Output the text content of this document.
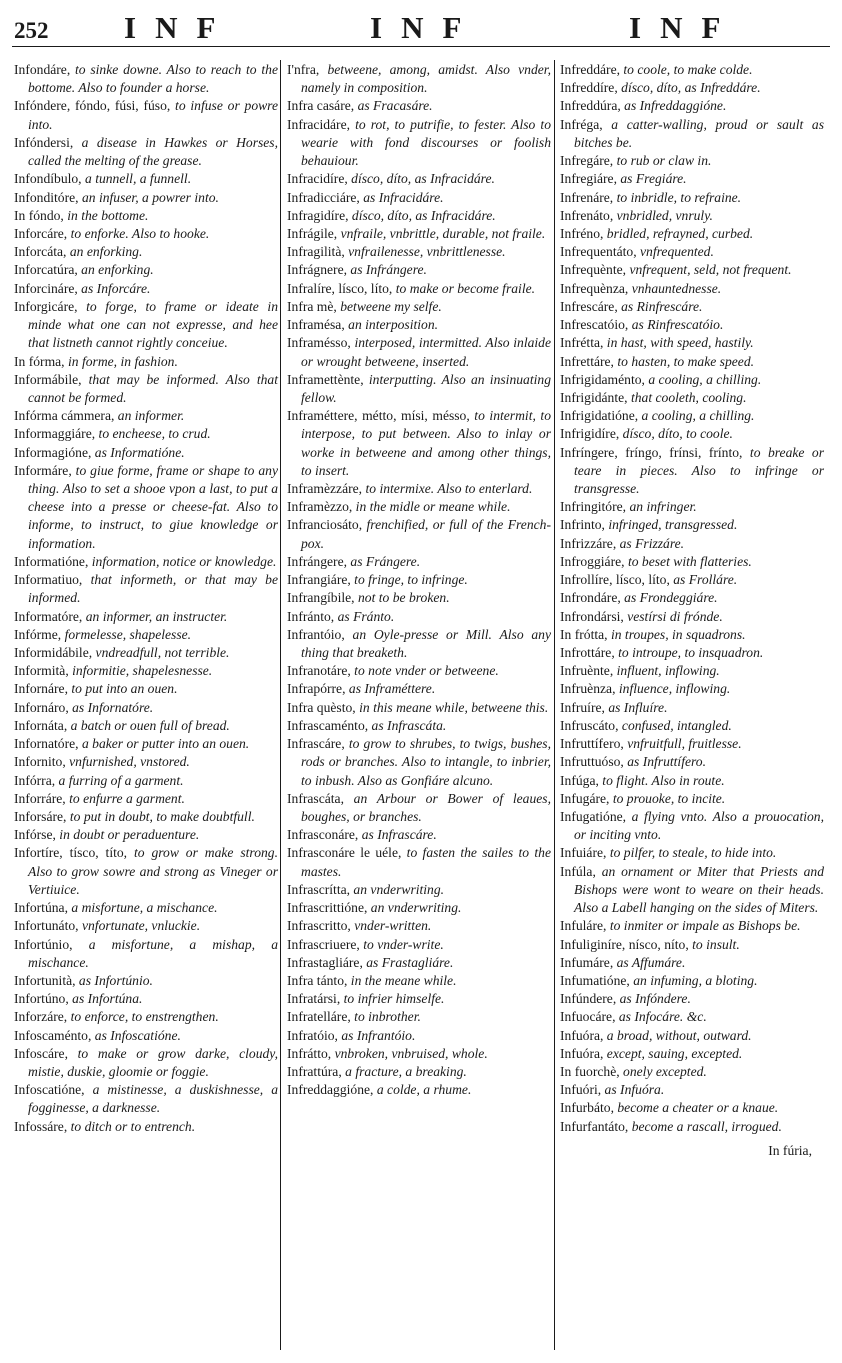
252 INF	INF	INF

Infondáre, to sinke downe. Also to reach to the bottome. Also to founder a horse.

Infóndere, fóndo, fúsi, fúso, to infuse or powre into.

Infóndersi, a disease in Hawkes or Horses, called the melting of the grease.

Infondíbulo, a tunnell, a funnell.

Infonditóre, an infuser, a powrer into.

In fóndo, in the bottome.

Inforcáre, to enforke. Also to hooke.

Inforcáta, an enforking.

Inforcatúra, an enforking.

Inforcináre, as Inforcáre.

Inforgicáre, to forge, to frame or ideate in minde what one can not expresse, and hee that listneth cannot rightly conceiue.

In fórma, in forme, in fashion.

Informábile, that may be informed. Also that cannot be formed.

Infórma cámmera, an informer.

Informaggiáre, to encheese, to crud.

Informagióne, as Informatióne.

Informáre, to giue forme, frame or shape to any thing. Also to set a shooe vpon a last, to put a cheese into a presse or cheese-fat. Also to informe, to instruct, to giue knowledge or information.

Informatióne, information, notice or knowledge.

Informatiuo, that informeth, or that may be informed.

Informatóre, an informer, an instructer.

Infórme, formelesse, shapelesse.

Informidábile, vndreadfull, not terrible.

Informità, informitie, shapelesnesse.

Infornáre, to put into an ouen.

Infornáro, as Infornatóre.

Infornáta, a batch or ouen full of bread.

Infornatóre, a baker or putter into an ouen.

Infornito, vnfurnished, vnstored.

Infórra, a furring of a garment.

Inforráre, to enfurre a garment.

Inforsáre, to put in doubt, to make doubtfull.

Infórse, in doubt or peraduenture.

Infortíre, tísco, títo, to grow or make strong. Also to grow sowre and strong as Vineger or Vertiuice.

Infortúna, a misfortune, a mischance.

Infortunáto, vnfortunate, vnluckie.

Infortúnio, a misfortune, a mishap, a mischance.

Infortunità, as Infortúnio.

Infortúno, as Infortúna.

Inforzáre, to enforce, to enstrengthen.

Infoscaménto, as Infoscatióne.

Infoscáre, to make or grow darke, cloudy, mistie, duskie, gloomie or foggie.

Infoscatióne, a mistinesse, a duskishnesse, a fogginesse, a darknesse.

Infossáre, to ditch or to entrench.

I'nfra, betweene, among, amidst. Also vnder, namely in composition.

Infra casáre, as Fracasáre.

Infracidáre, to rot, to putrifie, to fester. Also to wearie with fond discourses or foolish behauiour.

Infracidíre, dísco, díto, as Infracidáre.

Infradicciáre, as Infracidáre.

Infragidíre, dísco, díto, as Infracidáre.

Infrágile, vnfraile, vnbrittle, durable, not fraile.

Infragilità, vnfrailenesse, vnbrittlenesse.

Infrágnere, as Infrángere.

Infralíre, lísco, líto, to make or become fraile.

Infra mè, betweene my selfe.

Inframésa, an interposition.

Inframésso, interposed, intermitted. Also inlaide or wrought betweene, inserted.

Inframettènte, interputting. Also an insinuating fellow.

Inframéttere, métto, mísi, mésso, to intermit, to interpose, to put between. Also to inlay or worke in betweene and among other things, to insert.

Inframèzzáre, to intermixe. Also to enterlard.

Inframèzzo, in the midle or meane while.

Infranciosáto, frenchified, or full of the French-pox.

Infrángere, as Frángere.

Infrangiáre, to fringe, to infringe.

Infrangíbile, not to be broken.

Infránto, as Fránto.

Infrantóio, an Oyle-presse or Mill. Also any thing that breaketh.

Infranotáre, to note vnder or betweene.

Infrapórre, as Inframéttere.

Infra quèsto, in this meane while, betweene this.

Infrascaménto, as Infrascáta.

Infrascáre, to grow to shrubes, to twigs, bushes, rods or branches. Also to intangle, to inbrier, to inbush. Also as Gonfiáre alcuno.

Infrascáta, an Arbour or Bower of leaues, boughes, or branches.

Infrasconáre, as Infrascáre.

Infrasconáre le uéle, to fasten the sailes to the mastes.

Infrascrítta, an vnderwriting.

Infrascrittióne, an vnderwriting.

Infrascritto, vnder-written.

Infrascriuere, to vnder-write.

Infrastagliáre, as Frastagliáre.

Infra tánto, in the meane while.

Infratársi, to infrier himselfe.

Infratelláre, to inbrother.

Infratóio, as Infrantóio.

Infrátto, vnbroken, vnbruised, whole.

Infrattúra, a fracture, a breaking.

Infreddaggióne, a colde, a rhume.

Infreddáre, to coole, to make colde.

Infreddíre, dísco, díto, as Infreddáre.

Infreddúra, as Infreddaggióne.

Infréga, a catter-walling, proud or sault as bitches be.

Infregáre, to rub or claw in.

Infregiáre, as Fregiáre.

Infrenáre, to inbridle, to refraine.

Infrenáto, vnbridled, vnruly.

Infréno, bridled, refrayned, curbed.

Infrequentáto, vnfrequented.

Infrequènte, vnfrequent, seld, not frequent.

Infrequènza, vnhauntednesse.

Infrescáre, as Rinfrescáre.

Infrescatóio, as Rinfrescatóio.

Infrétta, in hast, with speed, hastily.

Infrettáre, to hasten, to make speed.

Infrigidaménto, a cooling, a chilling.

Infrigidánte, that cooleth, cooling.

Infrigidatióne, a cooling, a chilling.

Infrigidíre, dísco, díto, to coole.

Infríngere, fríngo, frínsi, frínto, to breake or teare in pieces. Also to infringe or transgresse.

Infringitóre, an infringer.

Infrinto, infringed, transgressed.

Infrizzáre, as Frizzáre.

Infroggiáre, to beset with flatteries.

Infrollíre, lísco, líto, as Frolláre.

Infrondáre, as Frondeggiáre.

Infrondársi, vestírsi di frónde.

In frótta, in troupes, in squadrons.

Infrottáre, to introupe, to insquadron.

Infruènte, influent, inflowing.

Infruènza, influence, inflowing.

Infruíre, as Influíre.

Infruscáto, confused, intangled.

Infruttífero, vnfruitfull, fruitlesse.

Infruttuóso, as Infruttífero.

Infúga, to flight. Also in route.

Infugáre, to prouoke, to incite.

Infugatióne, a flying vnto. Also a prouocation, or inciting vnto.

Infuiáre, to pilfer, to steale, to hide into.

Infúla, an ornament or Miter that Priests and Bishops were wont to weare on their heads. Also a Labell hanging on the sides of Miters.

Infuláre, to inmiter or impale as Bishops be.

Infuliginíre, nísco, níto, to insult.

Infumáre, as Affumáre.

Infumatióne, an infuming, a bloting.

Infúndere, as Infóndere.

Infuocáre, as Infocáre. &c.

Infuóra, a broad, without, outward.

Infuóra, except, sauing, excepted.

In fuorchè, onely excepted.

Infuóri, as Infuóra.

Infurbáto, become a cheater or a knaue.

Infurfantáto, become a rascall, irrogued.

In fúria,
